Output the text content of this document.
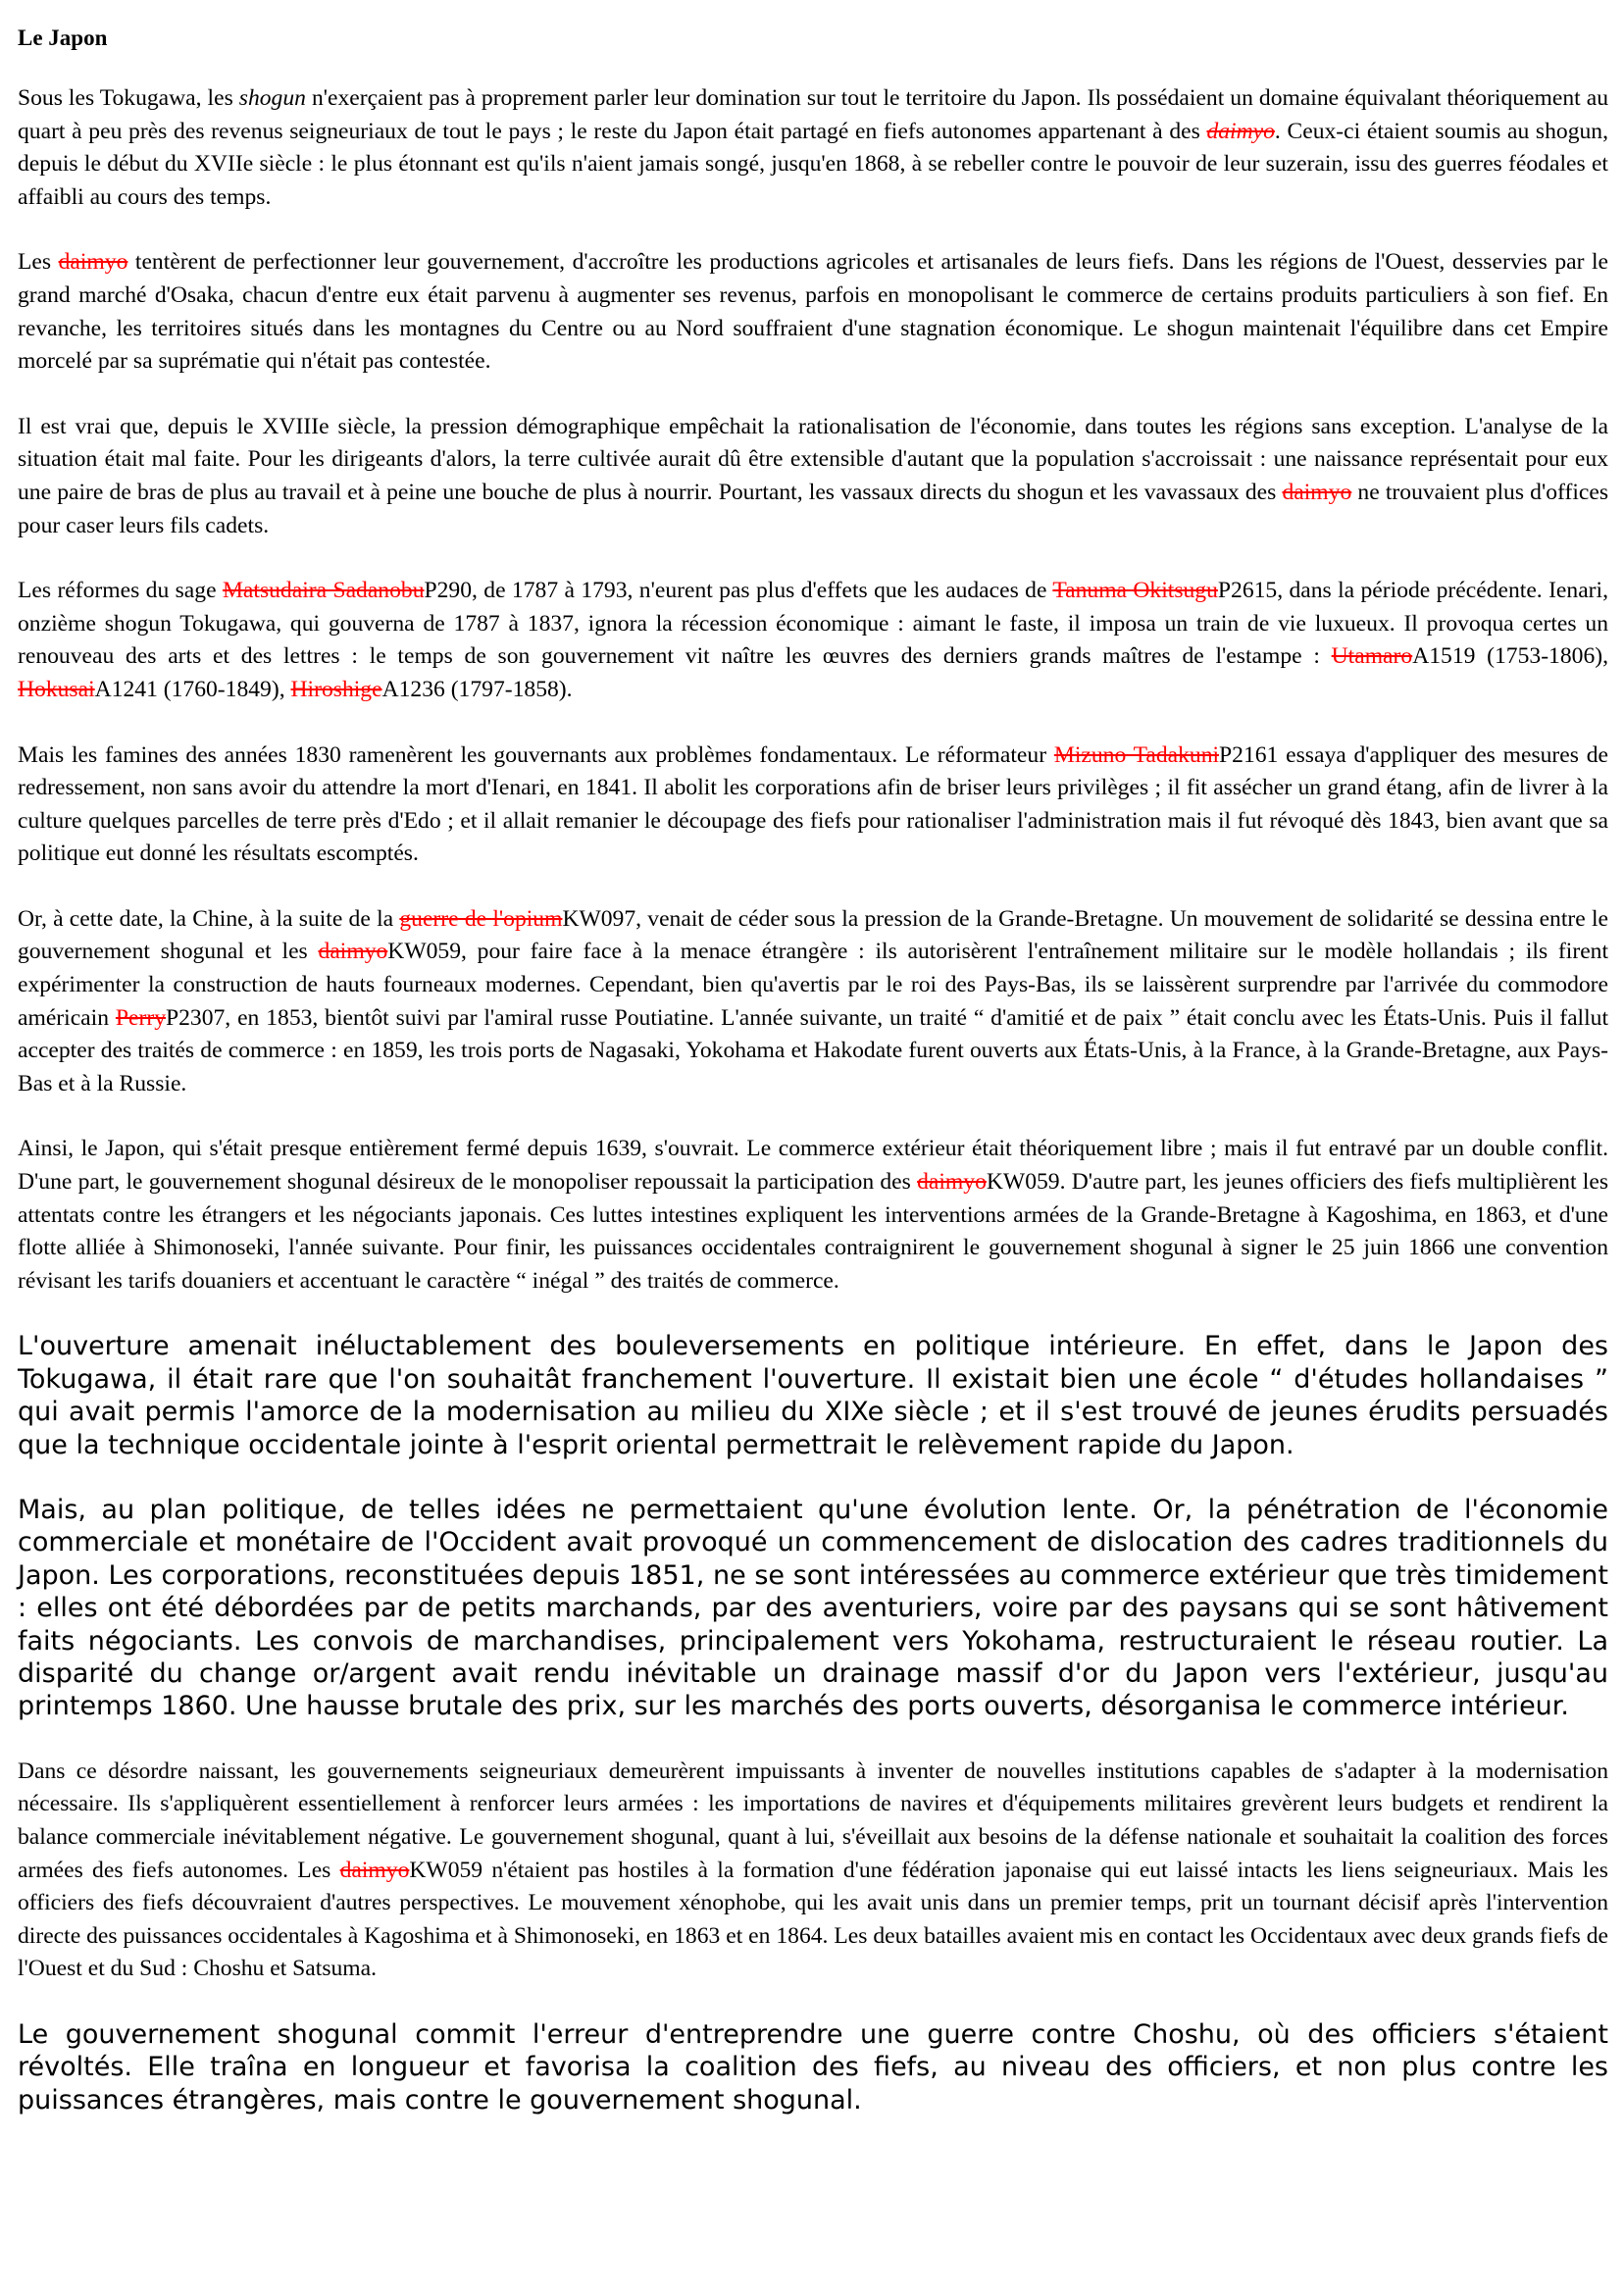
Le Japon

Sous les Tokugawa, les shogun n'exerçaient pas à proprement parler leur domination sur tout le territoire du Japon. Ils possédaient un domaine équivalant théoriquement au quart à peu près des revenus seigneuriaux de tout le pays ; le reste du Japon était partagé en fiefs autonomes appartenant à des daimyo. Ceux-ci étaient soumis au shogun, depuis le début du XVIIe siècle : le plus étonnant est qu'ils n'aient jamais songé, jusqu'en 1868, à se rebeller contre le pouvoir de leur suzerain, issu des guerres féodales et affaibli au cours des temps.

Les daimyo tentèrent de perfectionner leur gouvernement, d'accroître les productions agricoles et artisanales de leurs fiefs. Dans les régions de l'Ouest, desservies par le grand marché d'Osaka, chacun d'entre eux était parvenu à augmenter ses revenus, parfois en monopolisant le commerce de certains produits particuliers à son fief. En revanche, les territoires situés dans les montagnes du Centre ou au Nord souffraient d'une stagnation économique. Le shogun maintenait l'équilibre dans cet Empire morcelé par sa suprématie qui n'était pas contestée.

Il est vrai que, depuis le XVIIIe siècle, la pression démographique empêchait la rationalisation de l'économie, dans toutes les régions sans exception. L'analyse de la situation était mal faite. Pour les dirigeants d'alors, la terre cultivée aurait dû être extensible d'autant que la population s'accroissait : une naissance représentait pour eux une paire de bras de plus au travail et à peine une bouche de plus à nourrir. Pourtant, les vassaux directs du shogun et les vavassaux des daimyo ne trouvaient plus d'offices pour caser leurs fils cadets.

Les réformes du sage Matsudaira SadanobuP290, de 1787 à 1793, n'eurent pas plus d'effets que les audaces de Tanuma OkitsuguP2615, dans la période précédente. Ienari, onzième shogun Tokugawa, qui gouverna de 1787 à 1837, ignora la récession économique : aimant le faste, il imposa un train de vie luxueux. Il provoqua certes un renouveau des arts et des lettres : le temps de son gouvernement vit naître les œuvres des derniers grands maîtres de l'estampe : UtamaroA1519 (1753-1806), HokusaiA1241 (1760-1849), HiroshigeA1236 (1797-1858).

Mais les famines des années 1830 ramenèrent les gouvernants aux problèmes fondamentaux. Le réformateur Mizuno TadakuniP2161 essaya d'appliquer des mesures de redressement, non sans avoir du attendre la mort d'Ienari, en 1841. Il abolit les corporations afin de briser leurs privilèges ; il fit assécher un grand étang, afin de livrer à la culture quelques parcelles de terre près d'Edo ; et il allait remanier le découpage des fiefs pour rationaliser l'administration mais il fut révoqué dès 1843, bien avant que sa politique eut donné les résultats escomptés.

Or, à cette date, la Chine, à la suite de la guerre de l'opiumKW097, venait de céder sous la pression de la Grande-Bretagne. Un mouvement de solidarité se dessina entre le gouvernement shogunal et les daimyoKW059, pour faire face à la menace étrangère : ils autorisèrent l'entraînement militaire sur le modèle hollandais ; ils firent expérimenter la construction de hauts fourneaux modernes. Cependant, bien qu'avertis par le roi des Pays-Bas, ils se laissèrent surprendre par l'arrivée du commodore américain PerryP2307, en 1853, bientôt suivi par l'amiral russe Poutiatine. L'année suivante, un traité “ d'amitié et de paix ” était conclu avec les États-Unis. Puis il fallut accepter des traités de commerce : en 1859, les trois ports de Nagasaki, Yokohama et Hakodate furent ouverts aux États-Unis, à la France, à la Grande-Bretagne, aux Pays-Bas et à la Russie.

Ainsi, le Japon, qui s'était presque entièrement fermé depuis 1639, s'ouvrait. Le commerce extérieur était théoriquement libre ; mais il fut entravé par un double conflit. D'une part, le gouvernement shogunal désireux de le monopoliser repoussait la participation des daimyoKW059. D'autre part, les jeunes officiers des fiefs multiplièrent les attentats contre les étrangers et les négociants japonais. Ces luttes intestines expliquent les interventions armées de la Grande-Bretagne à Kagoshima, en 1863, et d'une flotte alliée à Shimonoseki, l'année suivante. Pour finir, les puissances occidentales contraignirent le gouvernement shogunal à signer le 25 juin 1866 une convention révisant les tarifs douaniers et accentuant le caractère “ inégal ” des traités de commerce.

L'ouverture amenait inéluctablement des bouleversements en politique intérieure. En effet, dans le Japon des Tokugawa, il était rare que l'on souhaitât franchement l'ouverture. Il existait bien une école “ d'études hollandaises ” qui avait permis l'amorce de la modernisation au milieu du XIXe siècle ; et il s'est trouvé de jeunes érudits persuadés que la technique occidentale jointe à l'esprit oriental permettrait le relèvement rapide du Japon.

Mais, au plan politique, de telles idées ne permettaient qu'une évolution lente. Or, la pénétration de l'économie commerciale et monétaire de l'Occident avait provoqué un commencement de dislocation des cadres traditionnels du Japon. Les corporations, reconstituées depuis 1851, ne se sont intéressées au commerce extérieur que très timidement : elles ont été débordées par de petits marchands, par des aventuriers, voire par des paysans qui se sont hâtivement faits négociants. Les convois de marchandises, principalement vers Yokohama, restructuraient le réseau routier. La disparité du change or/argent avait rendu inévitable un drainage massif d'or du Japon vers l'extérieur, jusqu'au printemps 1860. Une hausse brutale des prix, sur les marchés des ports ouverts, désorganisa le commerce intérieur.

Dans ce désordre naissant, les gouvernements seigneuriaux demeurèrent impuissants à inventer de nouvelles institutions capables de s'adapter à la modernisation nécessaire. Ils s'appliquèrent essentiellement à renforcer leurs armées : les importations de navires et d'équipements militaires grevèrent leurs budgets et rendirent la balance commerciale inévitablement négative. Le gouvernement shogunal, quant à lui, s'éveillait aux besoins de la défense nationale et souhaitait la coalition des forces armées des fiefs autonomes. Les daimyoKW059 n'étaient pas hostiles à la formation d'une fédération japonaise qui eut laissé intacts les liens seigneuriaux. Mais les officiers des fiefs découvraient d'autres perspectives. Le mouvement xénophobe, qui les avait unis dans un premier temps, prit un tournant décisif après l'intervention directe des puissances occidentales à Kagoshima et à Shimonoseki, en 1863 et en 1864. Les deux batailles avaient mis en contact les Occidentaux avec deux grands fiefs de l'Ouest et du Sud : Choshu et Satsuma.

Le gouvernement shogunal commit l'erreur d'entreprendre une guerre contre Choshu, où des officiers s'étaient révoltés. Elle traîna en longueur et favorisa la coalition des fiefs, au niveau des officiers, et non plus contre les puissances étrangères, mais contre le gouvernement shogunal.
